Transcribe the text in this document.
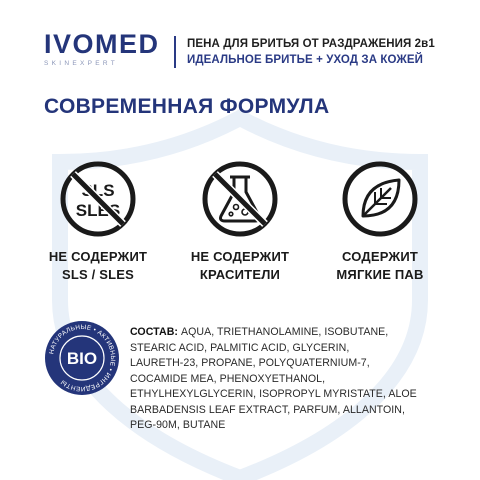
IVOMED
SKINEXPERT
ПЕНА ДЛЯ БРИТЬЯ ОТ РАЗДРАЖЕНИЯ 2в1
ИДЕАЛЬНОЕ БРИТЬЕ + УХОД ЗА КОЖЕЙ
СОВРЕМЕННАЯ ФОРМУЛА
SLS
SLES
НЕ СОДЕРЖИТ
SLS / SLES
НЕ СОДЕРЖИТ
КРАСИТЕЛИ
СОДЕРЖИТ
МЯГКИЕ ПАВ
НАТУРАЛЬНЫЕ • АКТИВНЫЕ • ИНГРЕДИЕНТЫ
BIO
СОСТАВ: AQUA, TRIETHANOLAMINE, ISOBUTANE,
STEARIC ACID, PALMITIC ACID, GLYCERIN,
LAURETH-23, PROPANE, POLYQUATERNIUM-7,
COCAMIDE MEA, PHENOXYETHANOL,
ETHYLHEXYLGLYCERIN, ISOPROPYL MYRISTATE, ALOE
BARBADENSIS LEAF EXTRACT, PARFUM, ALLANTOIN,
PEG-90M, BUTANE
